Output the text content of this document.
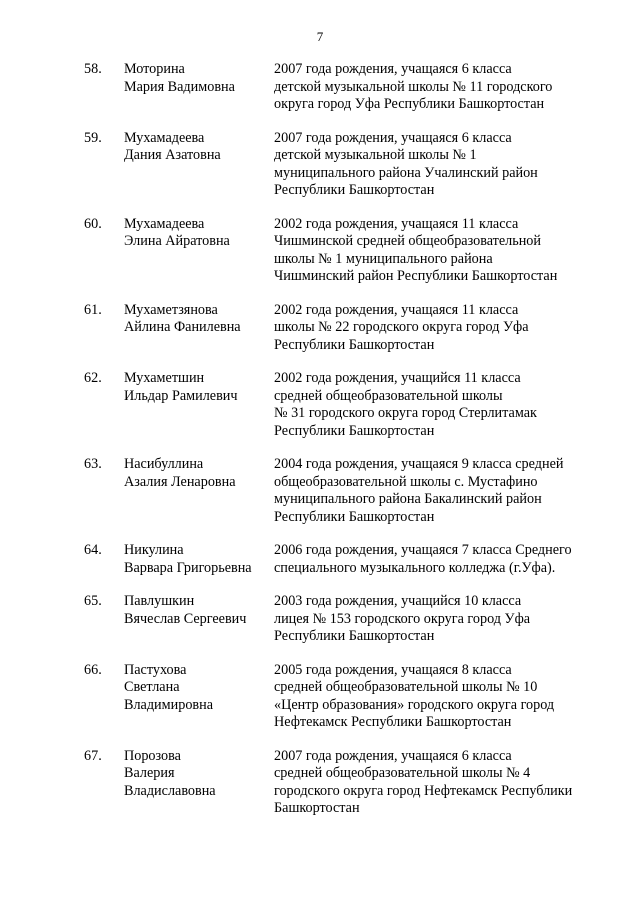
7
58. Моторина
Мария Вадимовна
2007 года рождения, учащаяся 6 класса
детской музыкальной школы № 11 городского
округа город Уфа Республики Башкортостан
59. Мухамадеева
Дания Азатовна
2007 года рождения, учащаяся 6 класса
детской музыкальной школы № 1
муниципального района Учалинский район
Республики Башкортостан
60. Мухамадеева
Элина Айратовна
2002 года рождения, учащаяся 11 класса
Чишминской средней общеобразовательной
школы № 1 муниципального района
Чишминский район Республики Башкортостан
61. Мухаметзянова
Айлина Фанилевна
2002 года рождения, учащаяся 11 класса
школы № 22 городского округа город Уфа
Республики Башкортостан
62. Мухаметшин
Ильдар Рамилевич
2002 года рождения, учащийся 11 класса
средней общеобразовательной школы
№ 31 городского округа город Стерлитамак
Республики Башкортостан
63. Насибуллина
Азалия Ленаровна
2004 года рождения, учащаяся 9 класса средней
общеобразовательной школы с. Мустафино
муниципального района Бакалинский район
Республики Башкортостан
64. Никулина
Варвара Григорьевна
2006 года рождения, учащаяся 7 класса Среднего
специального музыкального колледжа (г.Уфа).
65. Павлушкин
Вячеслав Сергеевич
2003 года рождения, учащийся 10 класса
лицея № 153 городского округа город Уфа
Республики Башкортостан
66. Пастухова
Светлана
Владимировна
2005 года рождения, учащаяся 8 класса
средней общеобразовательной школы № 10
«Центр образования» городского округа город
Нефтекамск Республики Башкортостан
67. Порозова
Валерия
Владиславовна
2007 года рождения, учащаяся 6 класса
средней общеобразовательной школы № 4
городского округа город Нефтекамск Республики
Башкортостан
